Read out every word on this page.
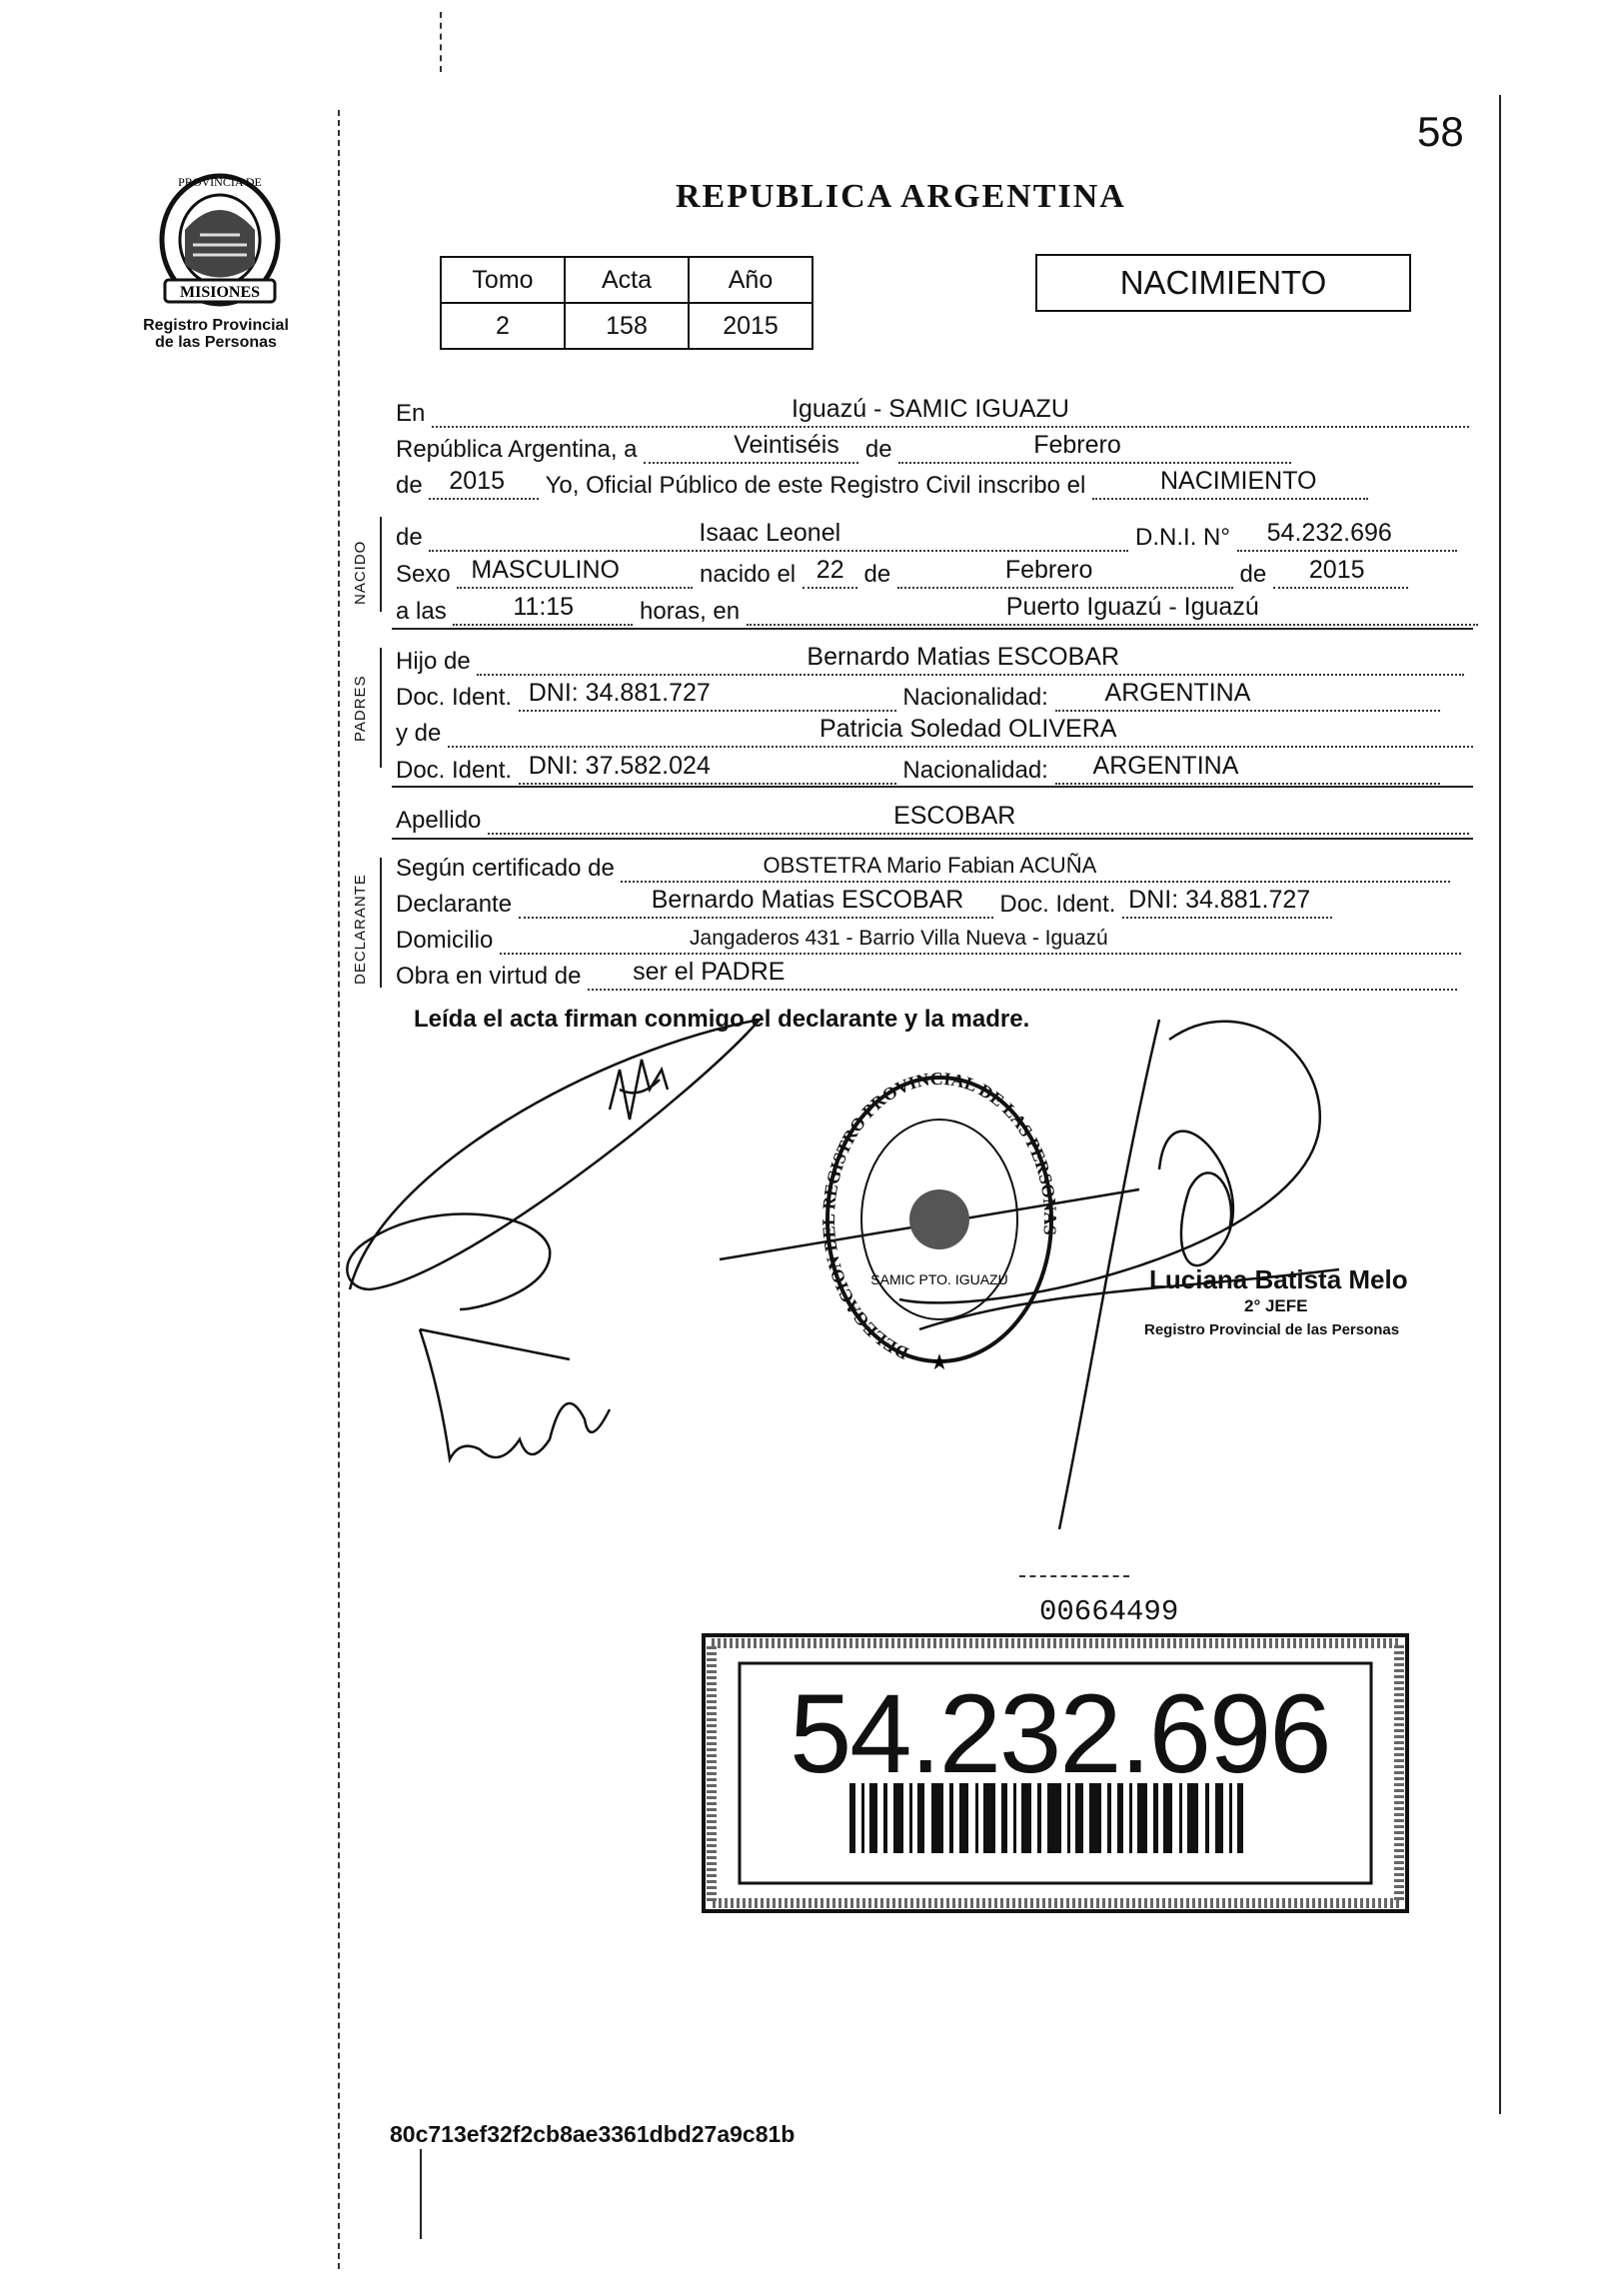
58
MISIONES
PROVINCIA DE
Registro Provincial
de las Personas
REPUBLICA ARGENTINA
Tomo	Acta	Año
2	158	2015
NACIMIENTO
NACIDO
PADRES
DECLARANTE
En	Iguazú - SAMIC IGUAZU
República Argentina, a	Veintiséis de	Febrero
de 2015 Yo, Oficial Público de este Registro Civil inscribo el	NACIMIENTO
de	Isaac Leonel	D.N.I. N° 54.232.696
Sexo MASCULINO	nacido el 22 de	Febrero	de 2015
a las	11:15	horas, en	Puerto Iguazú - Iguazú
Hijo de	Bernardo Matias ESCOBAR
Doc. Ident. DNI: 34.881.727	Nacionalidad: ARGENTINA
y de	Patricia Soledad OLIVERA
Doc. Ident. DNI: 37.582.024	Nacionalidad: ARGENTINA
Apellido	ESCOBAR
Según certificado de	OBSTETRA Mario Fabian ACUÑA
Declarante	Bernardo Matias ESCOBAR Doc. Ident. DNI: 34.881.727
Domicilio	Jangaderos 431 - Barrio Villa Nueva - Iguazú
Obra en virtud de ser el PADRE
Leída el acta firman conmigo el declarante y la madre.
DELEGACION DEL REGISTRO PROVINCIAL DE LAS PERSONAS
SAMIC PTO. IGUAZU
★
Luciana Batista Melo
2° JEFE
Registro Provincial de las Personas
00664499
54.232.696
80c713ef32f2cb8ae3361dbd27a9c81b
